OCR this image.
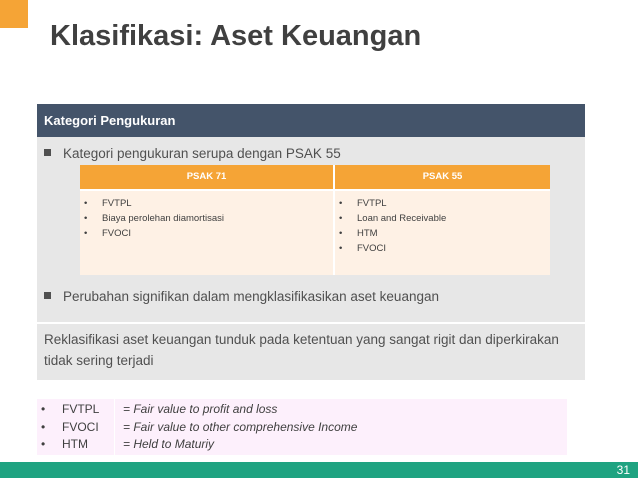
Klasifikasi: Aset Keuangan
Kategori Pengukuran
Kategori pengukuran serupa dengan PSAK 55
PSAK 71	PSAK 55
• FVTPL
• Biaya perolehan diamortisasi
• FVOCI
• FVTPL
• Loan and Receivable
• HTM
• FVOCI
Perubahan signifikan dalam mengklasifikasikan aset keuangan
Reklasifikasi aset keuangan tunduk pada ketentuan yang sangat rigit dan diperkirakan tidak sering terjadi
• FVTPL = Fair value to profit and loss
• FVOCI = Fair value to other comprehensive Income
• HTM	= Held to Maturiy
31
